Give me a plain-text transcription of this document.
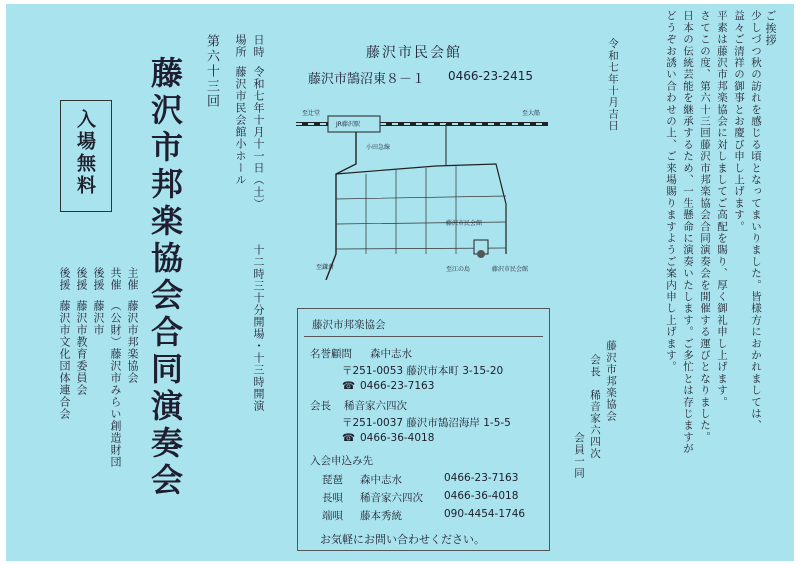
ご挨拶
少しづつ秋の訪れを感じる頃となってまいりました。皆様方におかれましては、
益々ご清祥の御事とお慶び申し上げます。
平素は藤沢市邦楽協会に対しましてご高配を賜り、厚く御礼申し上げます。
さてこの度、第六十三回藤沢市邦楽協会合同演奏会を開催する運びとなりました。
日本の伝統芸能を継承するため、一生懸命に演奏いたします。ご多忙とは存じますが
どうぞお誘い合わせの上、ご来場賜りますようご案内申し上げます。
令和七年十月吉日
藤沢市邦楽協会
会長　稀音家六四次
会員一同
藤沢市民会館
藤沢市鵠沼東８－１ 0466-23-2415
至辻堂
JR藤沢駅
至大船
小田急線
藤沢市民会館
至鎌倉	至江の島	藤沢市民会館
藤沢市邦楽協会
名誉顧問 森中志水
〒251-0053 藤沢市本町 3-15-20
☎ 0466-23-7163
会長 稀音家六四次
〒251-0037 藤沢市鵠沼海岸 1-5-5
☎ 0466-36-4018
入会申込み先
琵琶 森中志水	0466-23-7163
長唄 稀音家六四次 0466-36-4018
端唄 藤本秀統	090-4454-1746
お気軽にお問い合わせください。
日時
令和七年十月十一日（土）
十二時三十分開場・十三時開演
場所
藤沢市民会館小ホール
第六十三回
藤沢市邦楽協会合同演奏会
入場無料
主催
藤沢市邦楽協会
共催
（公財）藤沢市みらい創造財団
後援
藤沢市
後援
藤沢市教育委員会
後援
藤沢市文化団体連合会
